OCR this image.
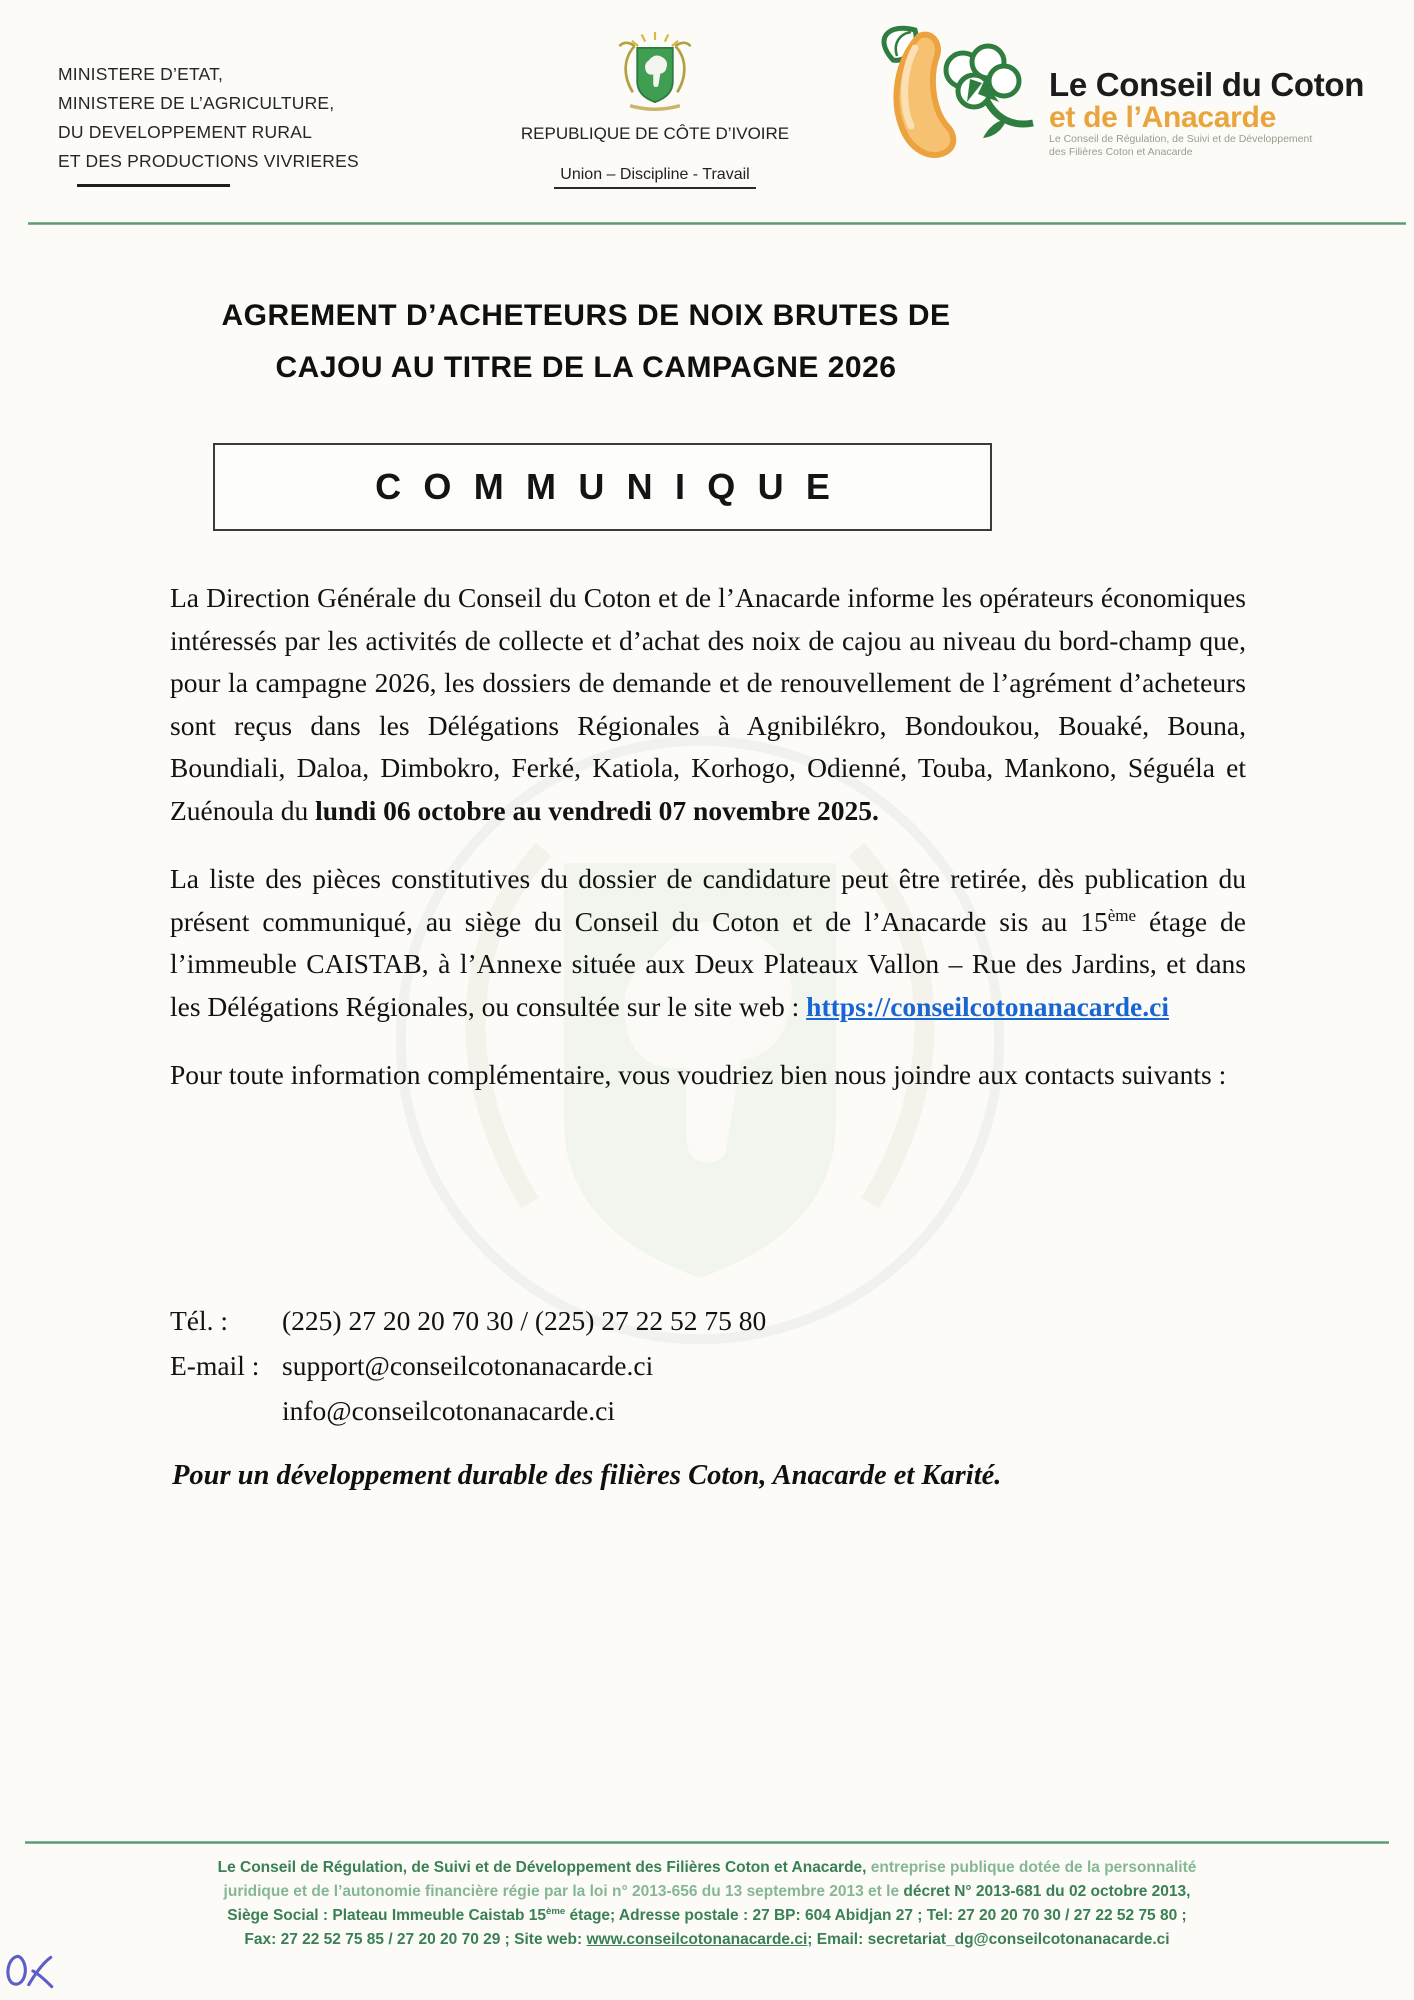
MINISTERE D’ETAT,
MINISTERE DE L’AGRICULTURE,
DU DEVELOPPEMENT RURAL
ET DES PRODUCTIONS VIVRIERES
REPUBLIQUE DE CÔTE D’IVOIRE

Union – Discipline - Travail
Le Conseil du Coton
et de l’Anacarde
Le Conseil de Régulation, de Suivi et de Développement
des Filières Coton et Anacarde
AGREMENT D’ACHETEURS DE NOIX BRUTES DE
CAJOU AU TITRE DE LA CAMPAGNE 2026
COMMUNIQUE

La Direction Générale du Conseil du Coton et de l’Anacarde informe les opérateurs économiques intéressés par les activités de collecte et d’achat des noix de cajou au niveau du bord-champ que, pour la campagne 2026, les dossiers de demande et de renouvellement de l’agrément d’acheteurs sont reçus dans les Délégations Régionales à Agnibilékro, Bondoukou, Bouaké, Bouna, Boundiali, Daloa, Dimbokro, Ferké, Katiola, Korhogo, Odienné, Touba, Mankono, Séguéla et Zuénoula du lundi 06 octobre au vendredi 07 novembre 2025.

La liste des pièces constitutives du dossier de candidature peut être retirée, dès publication du présent communiqué, au siège du Conseil du Coton et de l’Anacarde sis au 15ème étage de l’immeuble CAISTAB, à l’Annexe située aux Deux Plateaux Vallon – Rue des Jardins, et dans les Délégations Régionales, ou consultée sur le site web : https://conseilcotonanacarde.ci

Pour toute information complémentaire, vous voudriez bien nous joindre aux contacts suivants :

Tél. :	(225) 27 20 20 70 30 / (225) 27 22 52 75 80
E-mail : support@conseilcotonanacarde.ci
info@conseilcotonanacarde.ci

Pour un développement durable des filières Coton, Anacarde et Karité.

Le Conseil de Régulation, de Suivi et de Développement des Filières Coton et Anacarde, entreprise publique dotée de la personnalité
juridique et de l’autonomie financière régie par la loi n° 2013-656 du 13 septembre 2013 et le décret N° 2013-681 du 02 octobre 2013,
Siège Social : Plateau Immeuble Caistab 15ème étage; Adresse postale : 27 BP: 604 Abidjan 27 ; Tel: 27 20 20 70 30 / 27 22 52 75 80 ;
Fax: 27 22 52 75 85 / 27 20 20 70 29 ; Site web: www.conseilcotonanacarde.ci; Email: secretariat_dg@conseilcotonanacarde.ci
